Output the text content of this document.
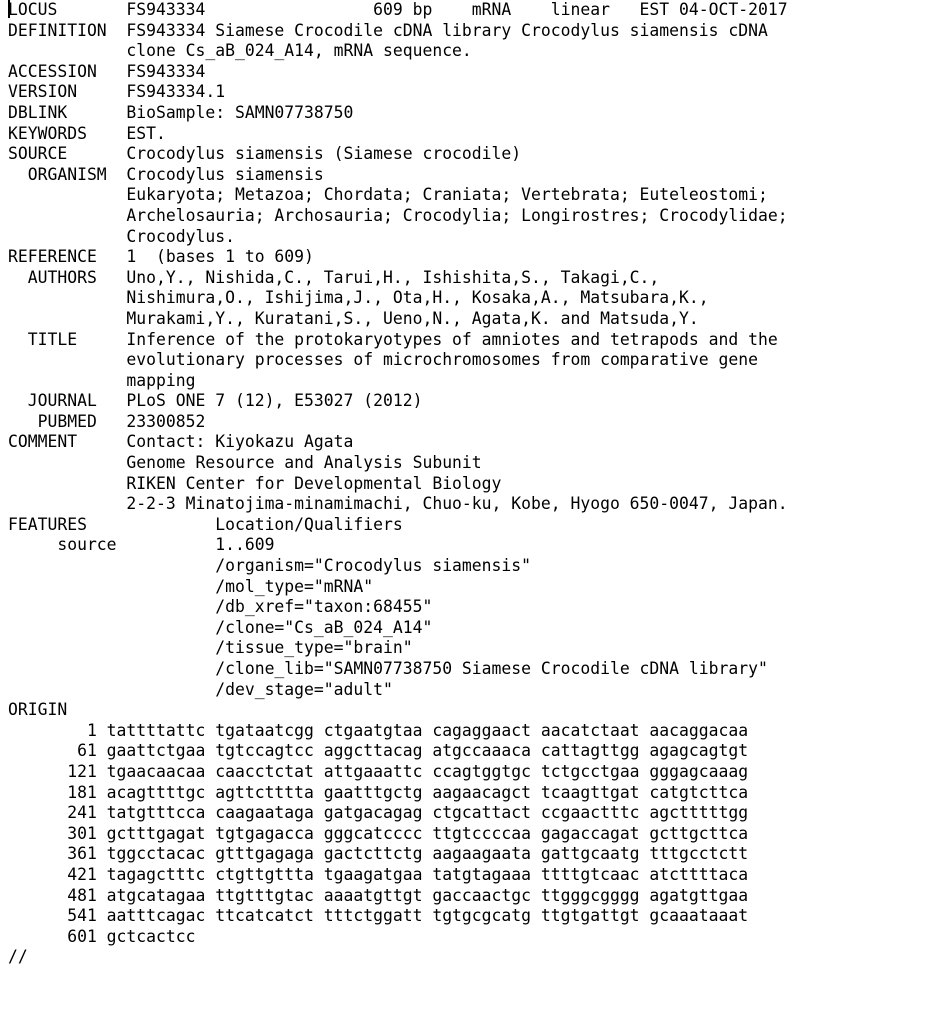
LOCUS       FS943334                 609 bp    mRNA    linear   EST 04-OCT-2017
DEFINITION  FS943334 Siamese Crocodile cDNA library Crocodylus siamensis cDNA
clone Cs_aB_024_A14, mRNA sequence.
ACCESSION   FS943334
VERSION     FS943334.1
DBLINK      BioSample: SAMN07738750
KEYWORDS    EST.
SOURCE      Crocodylus siamensis (Siamese crocodile)
ORGANISM  Crocodylus siamensis
Eukaryota; Metazoa; Chordata; Craniata; Vertebrata; Euteleostomi;
Archelosauria; Archosauria; Crocodylia; Longirostres; Crocodylidae;
Crocodylus.
REFERENCE   1  (bases 1 to 609)
AUTHORS   Uno,Y., Nishida,C., Tarui,H., Ishishita,S., Takagi,C.,
Nishimura,O., Ishijima,J., Ota,H., Kosaka,A., Matsubara,K.,
Murakami,Y., Kuratani,S., Ueno,N., Agata,K. and Matsuda,Y.
TITLE     Inference of the protokaryotypes of amniotes and tetrapods and the
evolutionary processes of microchromosomes from comparative gene
mapping
JOURNAL   PLoS ONE 7 (12), E53027 (2012)
PUBMED   23300852
COMMENT     Contact: Kiyokazu Agata
Genome Resource and Analysis Subunit
RIKEN Center for Developmental Biology
2-2-3 Minatojima-minamimachi, Chuo-ku, Kobe, Hyogo 650-0047, Japan.
FEATURES             Location/Qualifiers
source          1..609
/organism="Crocodylus siamensis"
/mol_type="mRNA"
/db_xref="taxon:68455"
/clone="Cs_aB_024_A14"
/tissue_type="brain"
/clone_lib="SAMN07738750 Siamese Crocodile cDNA library"
/dev_stage="adult"
ORIGIN
1 tattttattc tgataatcgg ctgaatgtaa cagaggaact aacatctaat aacaggacaa
61 gaattctgaa tgtccagtcc aggcttacag atgccaaaca cattagttgg agagcagtgt
121 tgaacaacaa caacctctat attgaaattc ccagtggtgc tctgcctgaa gggagcaaag
181 acagttttgc agttctttta gaatttgctg aagaacagct tcaagttgat catgtcttca
241 tatgtttcca caagaataga gatgacagag ctgcattact ccgaactttc agctttttgg
301 gctttgagat tgtgagacca gggcatcccc ttgtccccaa gagaccagat gcttgcttca
361 tggcctacac gtttgagaga gactcttctg aagaagaata gattgcaatg tttgcctctt
421 tagagctttc ctgttgttta tgaagatgaa tatgtagaaa ttttgtcaac atcttttaca
481 atgcatagaa ttgtttgtac aaaatgttgt gaccaactgc ttgggcgggg agatgttgaa
541 aatttcagac ttcatcatct tttctggatt tgtgcgcatg ttgtgattgt gcaaataaat
601 gctcactcc
//
